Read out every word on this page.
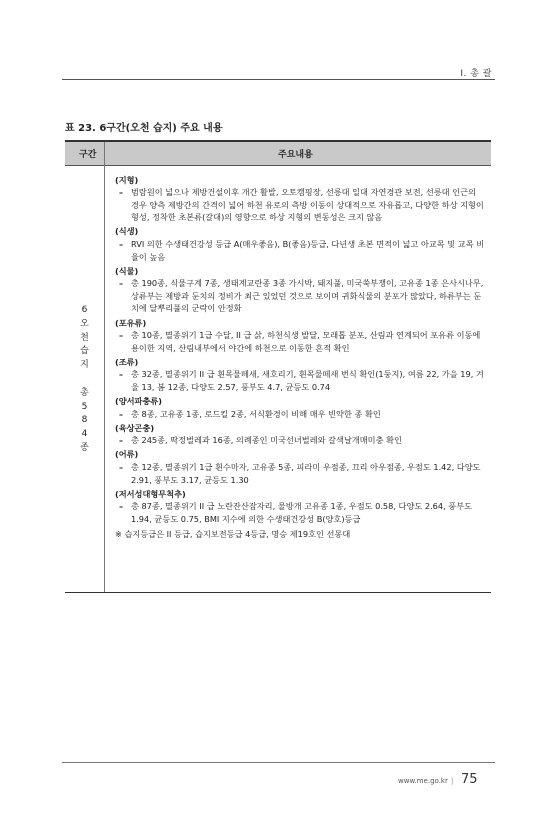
I. 총 괄
표 23. 6구간(오천 습지) 주요 내용
구간	주요내용
6
오
천
습
지

총
5
8
4
종
(지형)
– 범람원이 넓으나 제방건설이후 개간 활발, 오토캠핑장, 선릉대 일대 자연경관 보전, 선릉대 인근의 경우 양측 제방간의 간격이 넓어 하천 유로의 측방 이동이 상대적으로 자유롭고, 다양한 하상 지형이 형성, 정착한 초본류(갈대)의 영향으로 하상 지형의 변동성은 크지 않음
(식생)
– RVI 의한 수생태건강성 등급 A(매우좋음), B(좋음)등급, 다년생 초본 면적이 넓고 아교목 및 교목 비율이 높음
(식물)
– 총 190종, 식물구계 7종, 생태계교란종 3종 가시박, 돼지풀, 미국쑥부쟁이, 고유종 1종 은사시나무, 상류부는 제방과 둔치의 정비가 최근 있었던 것으로 보이며 귀화식물의 분포가 많았다, 하류부는 둔치에 달뿌리풀의 군락이 안정화
(포유류)
– 총 10종, 멸종위기 1급 수달, II 급 삵, 하천식생 발달, 모래톱 분포, 산림과 연계되어 포유류 이동에 용이한 지역, 산림내부에서 야간에 하천으로 이동한 흔적 확인
(조류)
– 총 32종, 멸종위기 II 급 흰목물떼새, 새호리기, 흰목물떼새 번식 확인(1둥지), 여름 22, 가을 19, 겨울 13, 봄 12종, 다양도 2.57, 풍부도 4.7, 균등도 0.74
(양서파충류)
– 총 8종, 고유종 1종, 로드킬 2종, 서식환경이 비해 매우 빈약한 종 확인
(육상곤충)
– 총 245종, 딱정벌레과 16종, 의례종인 미국선녀벌레와 갈색날개매미충 확인
(어류)
– 총 12종, 멸종위기 1급 흰수마자, 고유종 5종, 피라미 우점종, 끄리 아우점종, 우점도 1.42, 다양도 2.91, 풍부도 3.17, 균등도 1.30
(저서성대형무척추)
– 총 87종, 멸종위기 II 급 노란잔산잠자리, 물방개 고유종 1종, 우점도 0.58, 다양도 2.64, 풍부도 1.94, 균등도 0.75, BMI 지수에 의한 수생태건강성 B(양호)등급
※ 습지등급은 II 등급, 습지보전등급 4등급, 명승 제19호인 선몽대
www.me.go.kr | 75
